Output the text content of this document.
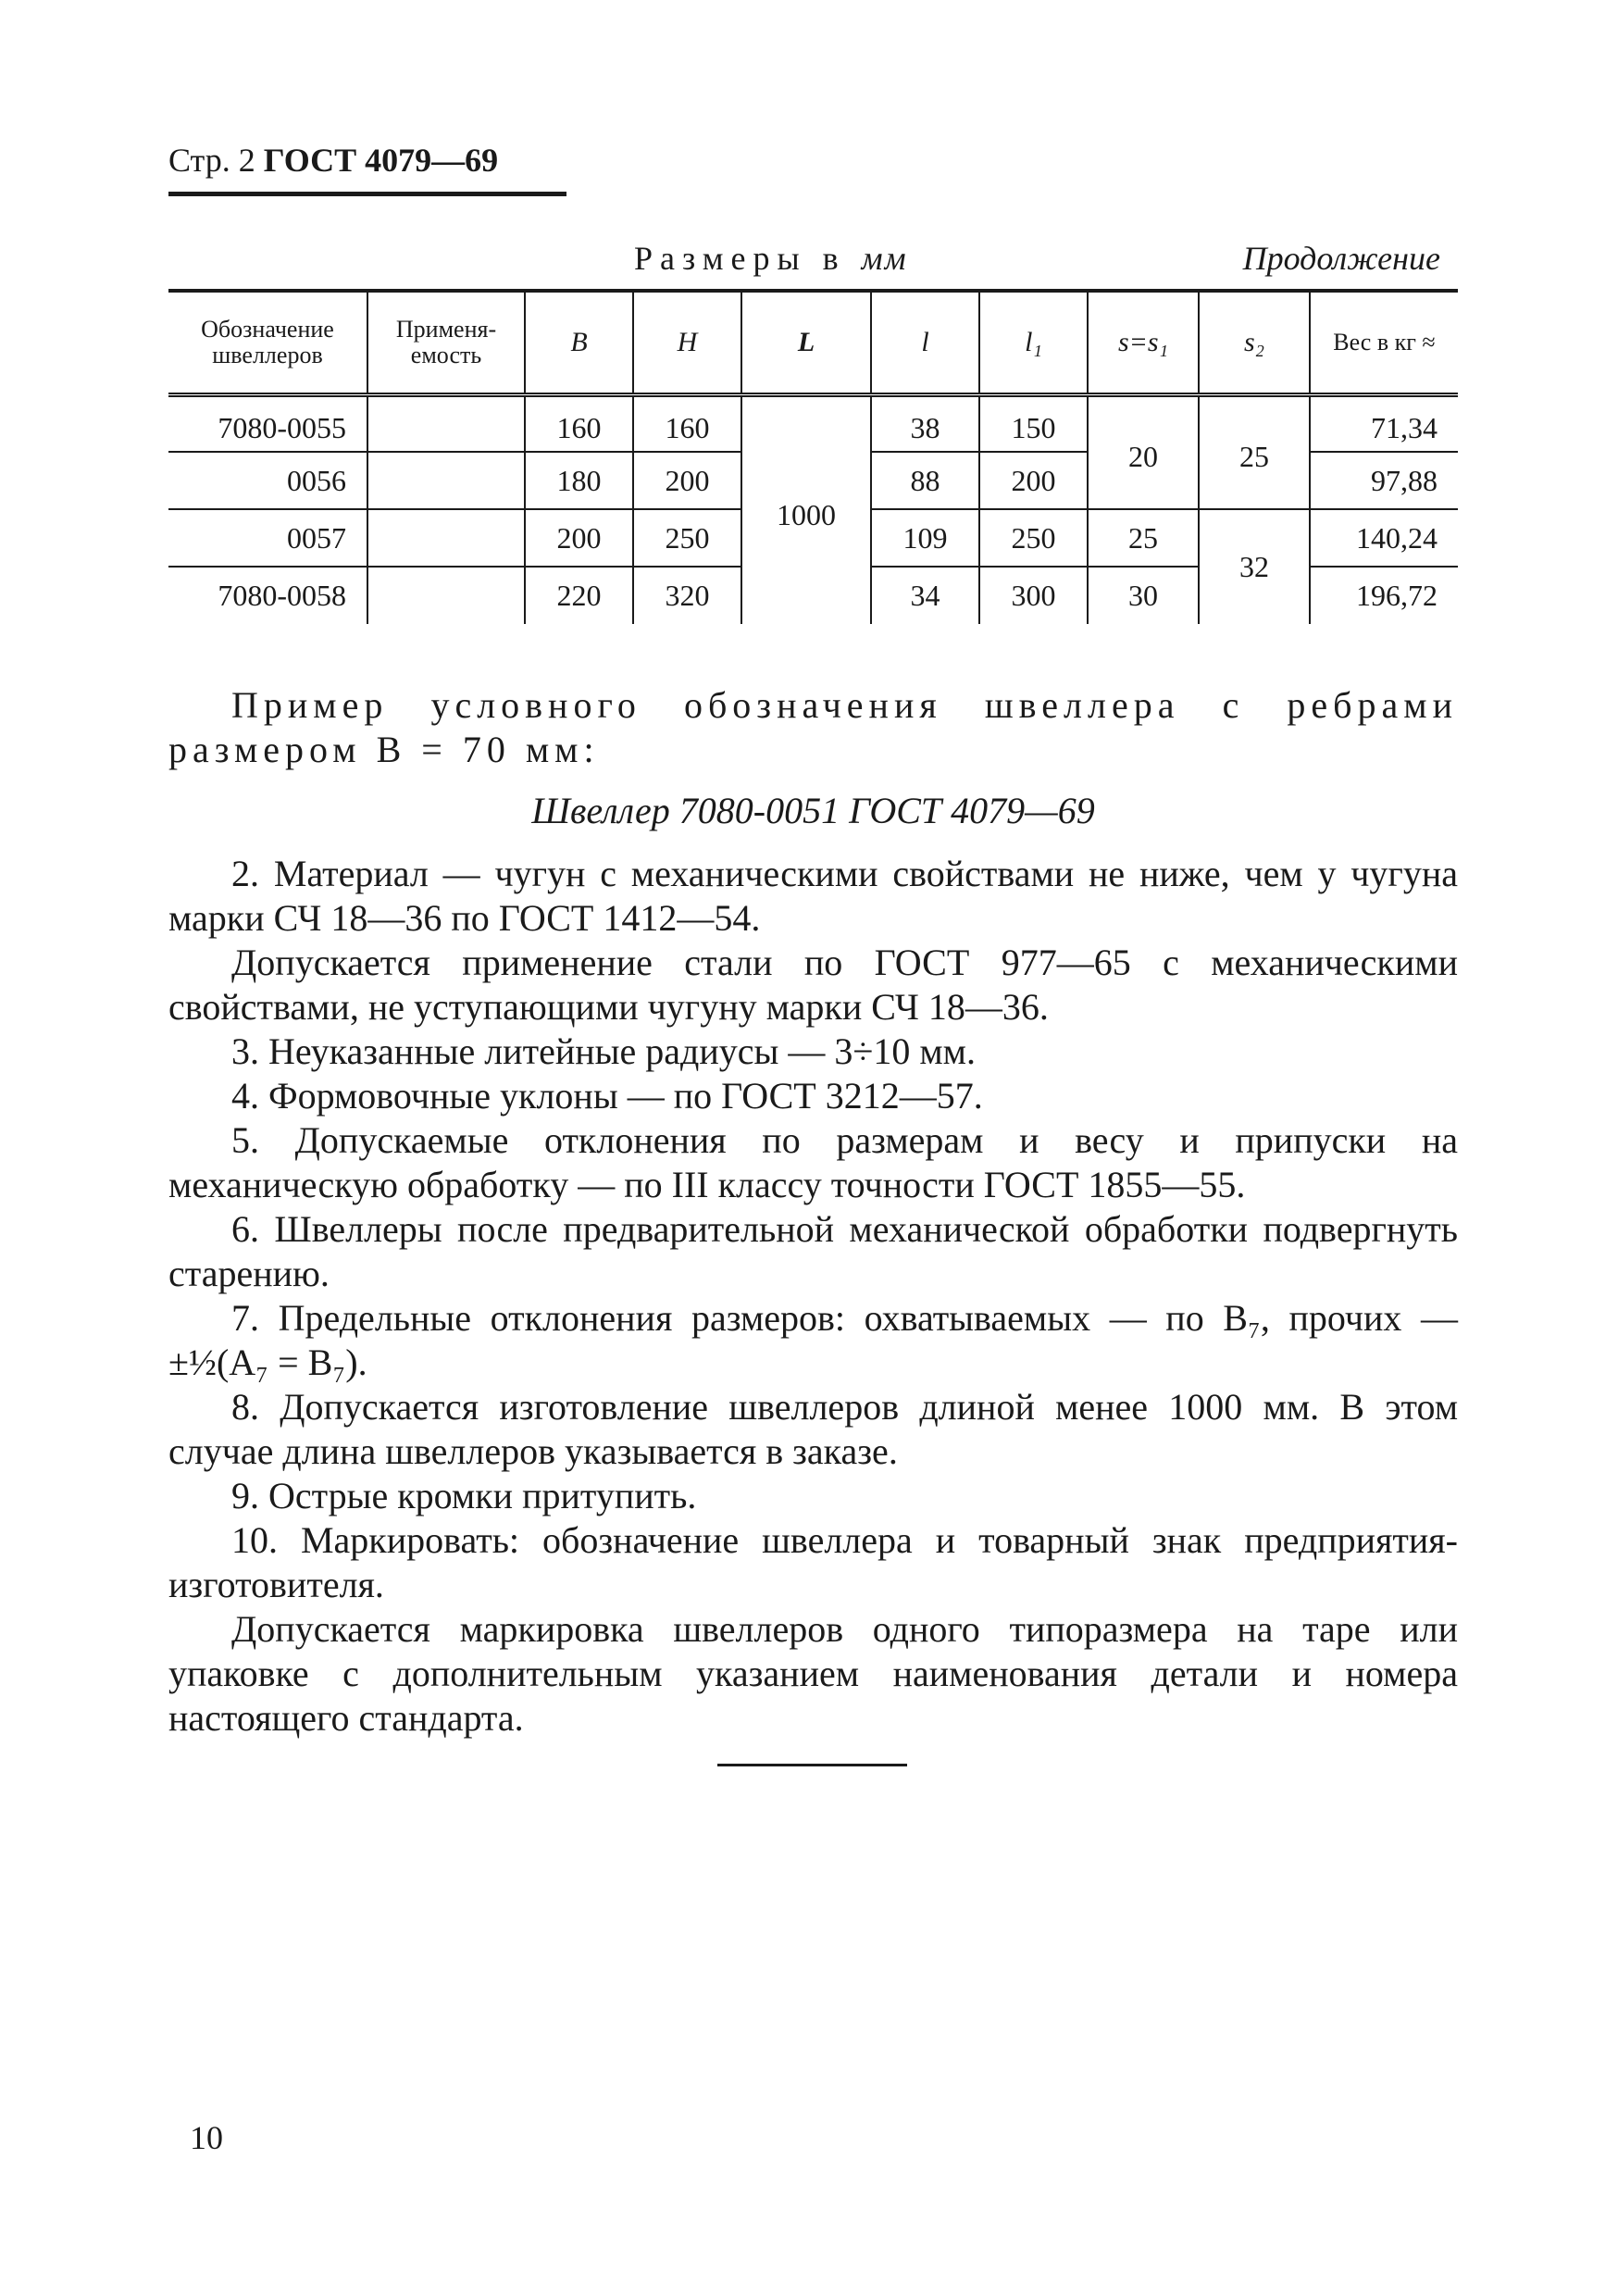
Стр. 2 ГОСТ 4079—69
Размеры в мм	Продолжение
Обозначение швеллеров	Применя-емость	B	H	L	l	l₁	s=s₁	s₂	Вес в кг ≈
7080-0055		160	160	1000	38	150	20	25	71,34
0056		180	200		88	200			97,88
0057		200	250		109	250	25	32	140,24
7080-0058		220	320		34	300	30		196,72

Пример условного обозначения швеллера с ребрами размером B = 70 мм:

Швеллер 7080-0051 ГОСТ 4079—69

2. Материал — чугун с механическими свойствами не ниже, чем у чугуна марки СЧ 18—36 по ГОСТ 1412—54.

Допускается применение стали по ГОСТ 977—65 с механическими свойствами, не уступающими чугуну марки СЧ 18—36.

3. Неуказанные литейные радиусы — 3÷10 мм.

4. Формовочные уклоны — по ГОСТ 3212—57.

5. Допускаемые отклонения по размерам и весу и припуски на механическую обработку — по III классу точности ГОСТ 1855—55.

6. Швеллеры после предварительной механической обработки подвергнуть старению.

7. Предельные отклонения размеров: охватываемых — по B₇, прочих — ±½(A₇ = B₇).

8. Допускается изготовление швеллеров длиной менее 1000 мм. В этом случае длина швеллеров указывается в заказе.

9. Острые кромки притупить.

10. Маркировать: обозначение швеллера и товарный знак предприятия-изготовителя.

Допускается маркировка швеллеров одного типоразмера на таре или упаковке с дополнительным указанием наименования детали и номера настоящего стандарта.

10
